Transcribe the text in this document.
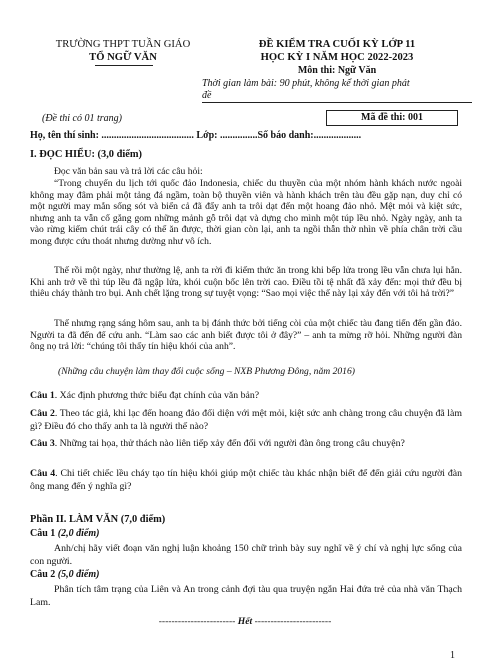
TRƯỜNG THPT TUẦN GIÁO
TỔ NGỮ VĂN
ĐỀ KIỂM TRA CUỐI KỲ LỚP 11
HỌC KỲ I NĂM HỌC 2022-2023
Môn thi: Ngữ Văn
Thời gian làm bài: 90 phút, không kể thời gian phát
đề
(Đề thi có 01 trang)	Mã đề thi: 001
Họ, tên thí sinh: ..................................... Lớp: ...............Số báo danh:...................
I. ĐỌC HIỂU: (3,0 điểm)
Đọc văn bản sau và trả lời các câu hỏi:
“Trong chuyến du lịch tới quốc đảo Indonesia, chiếc du thuyền của một nhóm hành khách nước ngoài không may đâm phải một tảng đá ngầm, toàn bộ thuyền viên và hành khách trên tàu đều gặp nạn, duy chỉ có một người may mắn sống sót và biển cả đã đẩy anh ta trôi dạt đến một hoang đảo nhỏ. Mệt mỏi và kiệt sức, nhưng anh ta vẫn cố gắng gom những mảnh gỗ trôi dạt và dựng cho mình một túp lều nhỏ. Ngày ngày, anh ta vào rừng kiếm chút trái cây có thể ăn được, thời gian còn lại, anh ta ngồi thẫn thờ nhìn về phía chân trời cầu mong được cứu thoát nhưng dường như vô ích.
Thế rồi một ngày, như thường lệ, anh ta rời đi kiếm thức ăn trong khi bếp lửa trong lều vẫn chưa lụi hẳn. Khi anh trở về thì túp lều đã ngập lửa, khói cuộn bốc lên trời cao. Điều tồi tệ nhất đã xảy đến: mọi thứ đều bị thiêu cháy thành tro bụi. Anh chết lặng trong sự tuyệt vọng: “Sao mọi việc thế này lại xảy đến với tôi hả trời?”
Thế nhưng rạng sáng hôm sau, anh ta bị đánh thức bởi tiếng còi của một chiếc tàu đang tiến đến gần đảo. Người ta đã đến để cứu anh. “Làm sao các anh biết được tôi ở đây?” – anh ta mừng rỡ hỏi. Những người đàn ông nọ trả lời: “chúng tôi thấy tín hiệu khói của anh”.
(Những câu chuyện làm thay đổi cuộc sống – NXB Phương Đông, năm 2016)
Câu 1. Xác định phương thức biểu đạt chính của văn bản?
Câu 2. Theo tác giả, khi lạc đến hoang đảo đối diện với mệt mỏi, kiệt sức anh chàng trong câu chuyện đã làm gì? Điều đó cho thấy anh ta là người thế nào?
Câu 3. Những tai họa, thử thách nào liên tiếp xảy đến đối với người đàn ông trong câu chuyện?
Câu 4. Chi tiết chiếc lều cháy tạo tín hiệu khói giúp một chiếc tàu khác nhận biết để đến giải cứu người đàn ông mang đến ý nghĩa gì?
Phần II. LÀM VĂN (7,0 điểm)
Câu 1 (2,0 điểm)
Anh/chị hãy viết đoạn văn nghị luận khoảng 150 chữ trình bày suy nghĩ về ý chí và nghị lực sống của con người.
Câu 2 (5,0 điểm)
Phân tích tâm trạng của Liên và An trong cảnh đợi tàu qua truyện ngắn Hai đứa trẻ của nhà văn Thạch Lam.
------------------------ Hết ------------------------
1
